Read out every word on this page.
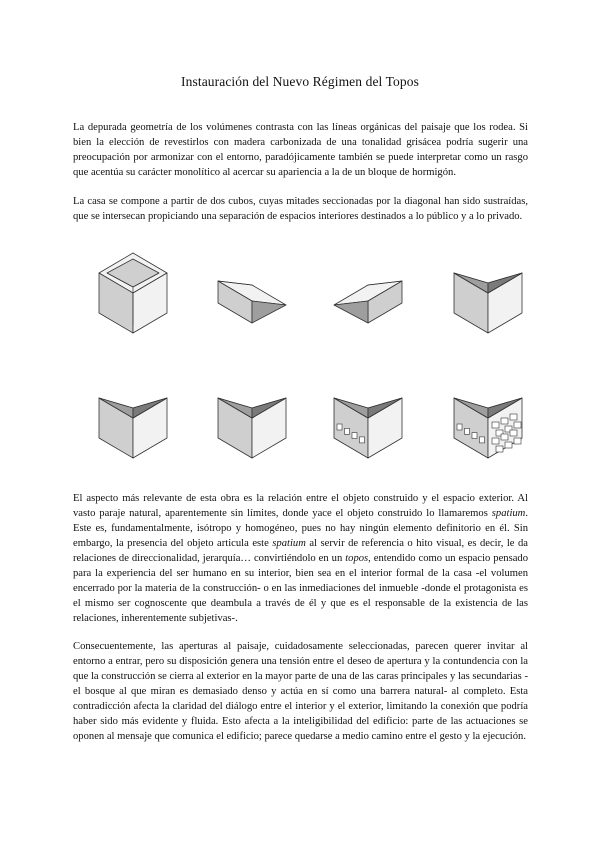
Instauración del Nuevo Régimen del Topos

La depurada geometría de los volúmenes contrasta con las líneas orgánicas del paisaje que los rodea. Si bien la elección de revestirlos con madera carbonizada de una tonalidad grisácea podría sugerir una preocupación por armonizar con el entorno, paradójicamente también se puede interpretar como un rasgo que acentúa su carácter monolítico al acercar su apariencia a la de un bloque de hormigón.

La casa se compone a partir de dos cubos, cuyas mitades seccionadas por la diagonal han sido sustraídas, que se intersecan propiciando una separación de espacios interiores destinados a lo público y a lo privado.

El aspecto más relevante de esta obra es la relación entre el objeto construido y el espacio exterior. Al vasto paraje natural, aparentemente sin límites, donde yace el objeto construido lo llamaremos spatium. Este es, fundamentalmente, isótropo y homogéneo, pues no hay ningún elemento definitorio en él. Sin embargo, la presencia del objeto articula este spatium al servir de referencia o hito visual, es decir, le da relaciones de direccionalidad, jerarquía… convirtiéndolo en un topos, entendido como un espacio pensado para la experiencia del ser humano en su interior, bien sea en el interior formal de la casa -el volumen encerrado por la materia de la construcción- o en las inmediaciones del inmueble -donde el protagonista es el mismo ser cognoscente que deambula a través de él y que es el responsable de la existencia de las relaciones, inherentemente subjetivas-.

Consecuentemente, las aperturas al paisaje, cuidadosamente seleccionadas, parecen querer invitar al entorno a entrar, pero su disposición genera una tensión entre el deseo de apertura y la contundencia con la que la construcción se cierra al exterior en la mayor parte de una de las caras principales y las secundarias -el bosque al que miran es demasiado denso y actúa en sí como una barrera natural- al completo. Esta contradicción afecta la claridad del diálogo entre el interior y el exterior, limitando la conexión que podría haber sido más evidente y fluida. Esto afecta a la inteligibilidad del edificio: parte de las actuaciones se oponen al mensaje que comunica el edificio; parece quedarse a medio camino entre el gesto y la ejecución.
